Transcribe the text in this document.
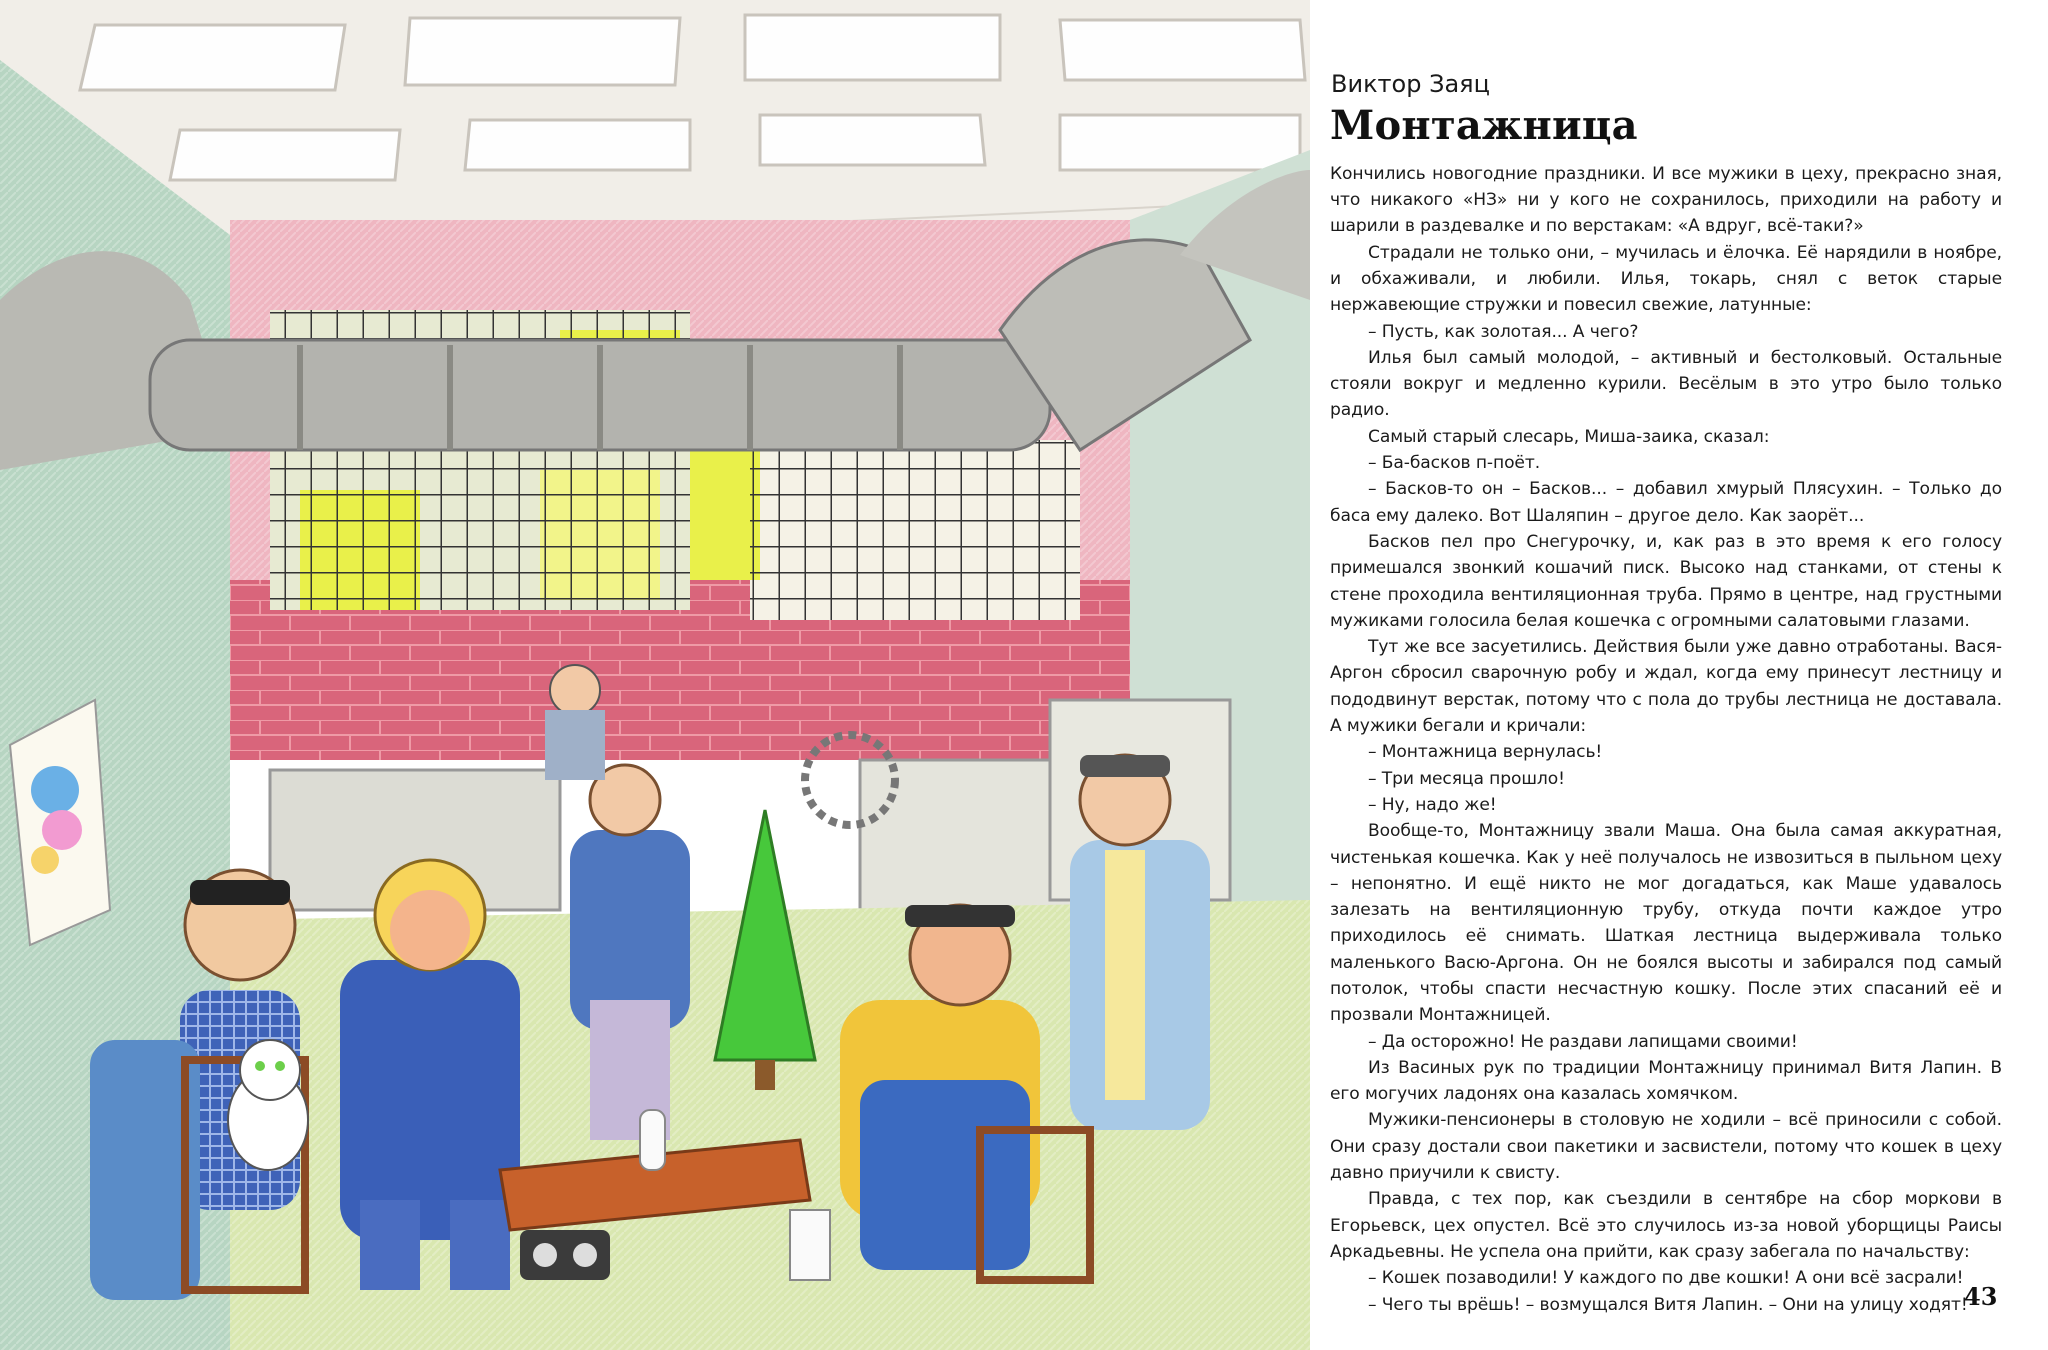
Виктор Заяц
Монтажница

Кончились новогодние праздники. И все мужики в цеху, прекрасно зная, что никакого «НЗ» ни у кого не сохранилось, приходили на работу и шарили в раздевалке и по верстакам: «А вдруг, всё-таки?»

Страдали не только они, – мучилась и ёлочка. Её нарядили в ноябре, и обхаживали, и любили. Илья, токарь, снял с веток старые нержавеющие стружки и повесил свежие, латунные:

– Пусть, как золотая... А чего?

Илья был самый молодой, – активный и бестолковый. Остальные стояли вокруг и медленно курили. Весёлым в это утро было только радио.

Самый старый слесарь, Миша-заика, сказал:

– Ба-басков п-поёт.

– Басков-то он – Басков... – добавил хмурый Плясухин. – Только до баса ему далеко. Вот Шаляпин – другое дело. Как заорёт...

Басков пел про Снегурочку, и, как раз в это время к его голосу примешался звонкий кошачий писк. Высоко над станками, от стены к стене проходила вентиляционная труба. Прямо в центре, над грустными мужиками голосила белая кошечка с огромными салатовыми глазами.

Тут же все засуетились. Действия были уже давно отработаны. Вася-Аргон сбросил сварочную робу и ждал, когда ему принесут лестницу и пододвинут верстак, потому что с пола до трубы лестница не доставала. А мужики бегали и кричали:

– Монтажница вернулась!

– Три месяца прошло!

– Ну, надо же!

Вообще-то, Монтажницу звали Маша. Она была самая аккуратная, чистенькая кошечка. Как у неё получалось не извозиться в пыльном цеху – непонятно. И ещё никто не мог догадаться, как Маше удавалось залезать на вентиляционную трубу, откуда почти каждое утро приходилось её снимать. Шаткая лестница выдерживала только маленького Васю-Аргона. Он не боялся высоты и забирался под самый потолок, чтобы спасти несчастную кошку. После этих спасаний её и прозвали Монтажницей.

– Да осторожно! Не раздави лапищами своими!

Из Васиных рук по традиции Монтажницу принимал Витя Лапин. В его могучих ладонях она казалась хомячком.

Мужики-пенсионеры в столовую не ходили – всё приносили с собой. Они сразу достали свои пакетики и засвистели, потому что кошек в цеху давно приучили к свисту.

Правда, с тех пор, как съездили в сентябре на сбор моркови в Егорьевск, цех опустел. Всё это случилось из-за новой уборщицы Раисы Аркадьевны. Не успела она прийти, как сразу забегала по начальству:

– Кошек позаводили! У каждого по две кошки! А они всё засрали!

– Чего ты врёшь! – возмущался Витя Лапин. – Они на улицу ходят!

43
